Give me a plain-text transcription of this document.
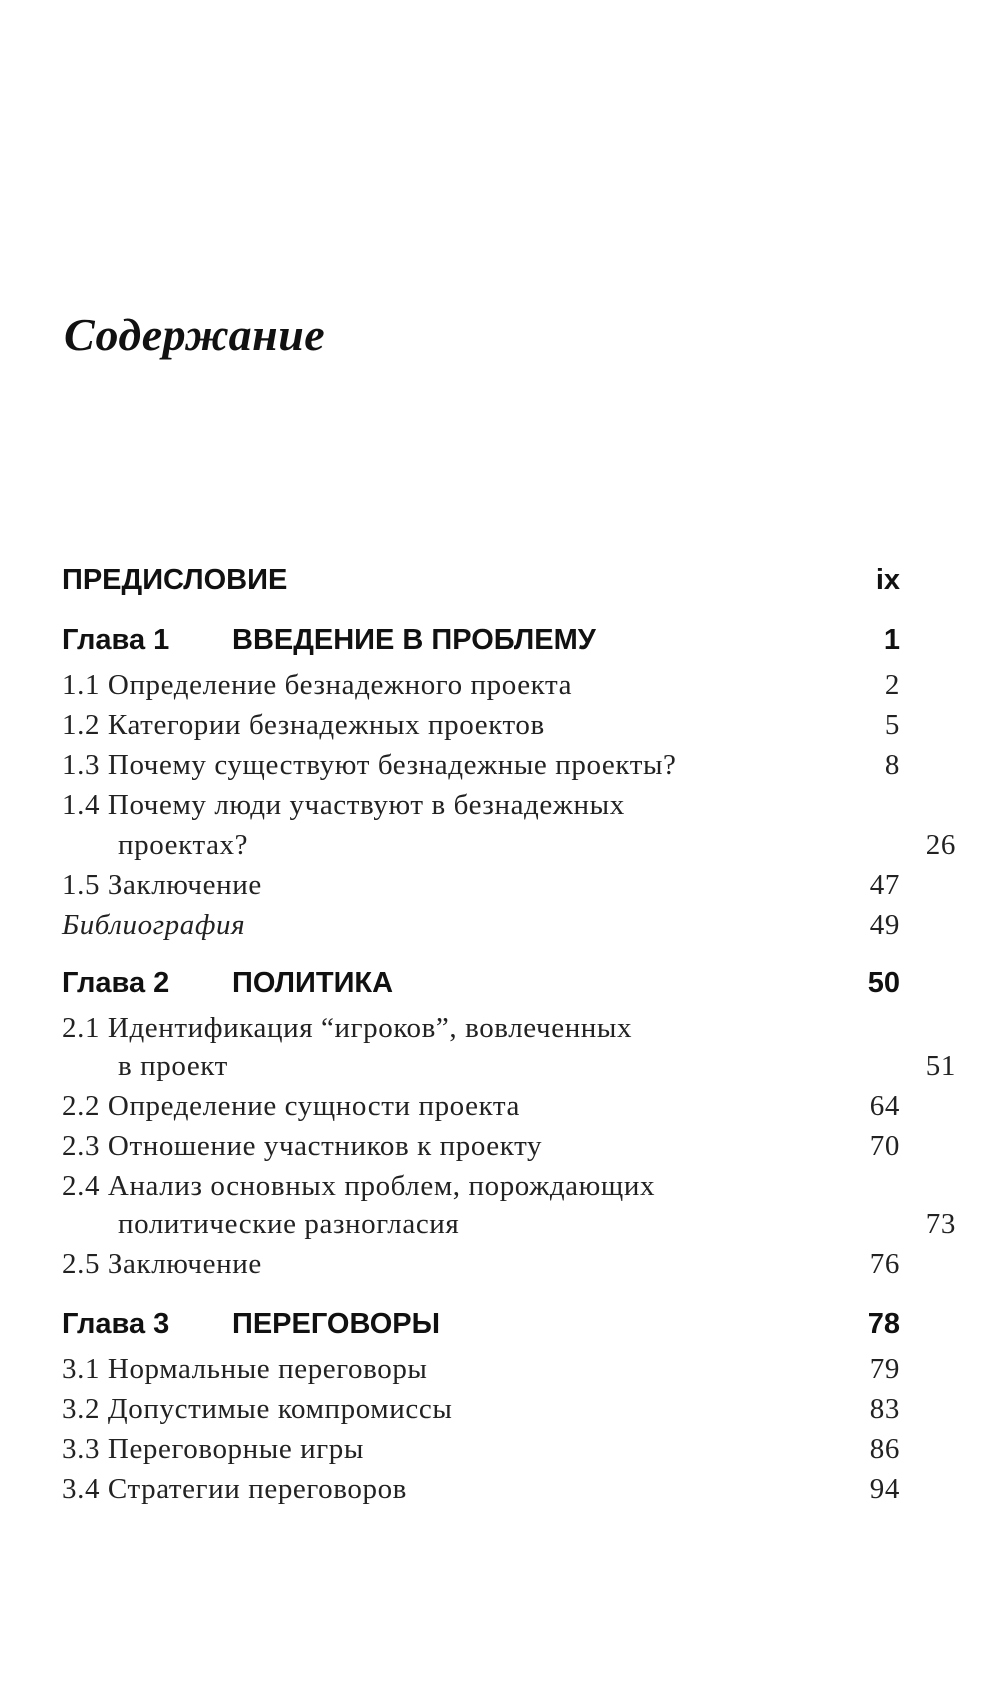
Содержание
ПРЕДИСЛОВИЕ	ix
Глава 1 ВВЕДЕНИЕ В ПРОБЛЕМУ	1
1.1 Определение безнадежного проекта	2
1.2 Категории безнадежных проектов	5
1.3 Почему существуют безнадежные проекты?	8
1.4 Почему люди участвуют в безнадежных
проектах?	26
1.5 Заключение	47
Библиография	49
Глава 2 ПОЛИТИКА	50
2.1 Идентификация “игроков”, вовлеченных
в проект	51
2.2 Определение сущности проекта	64
2.3 Отношение участников к проекту	70
2.4 Анализ основных проблем, порождающих
политические разногласия	73
2.5 Заключение	76
Глава 3 ПЕРЕГОВОРЫ	78
3.1 Нормальные переговоры	79
3.2 Допустимые компромиссы	83
3.3 Переговорные игры	86
3.4 Стратегии переговоров	94
